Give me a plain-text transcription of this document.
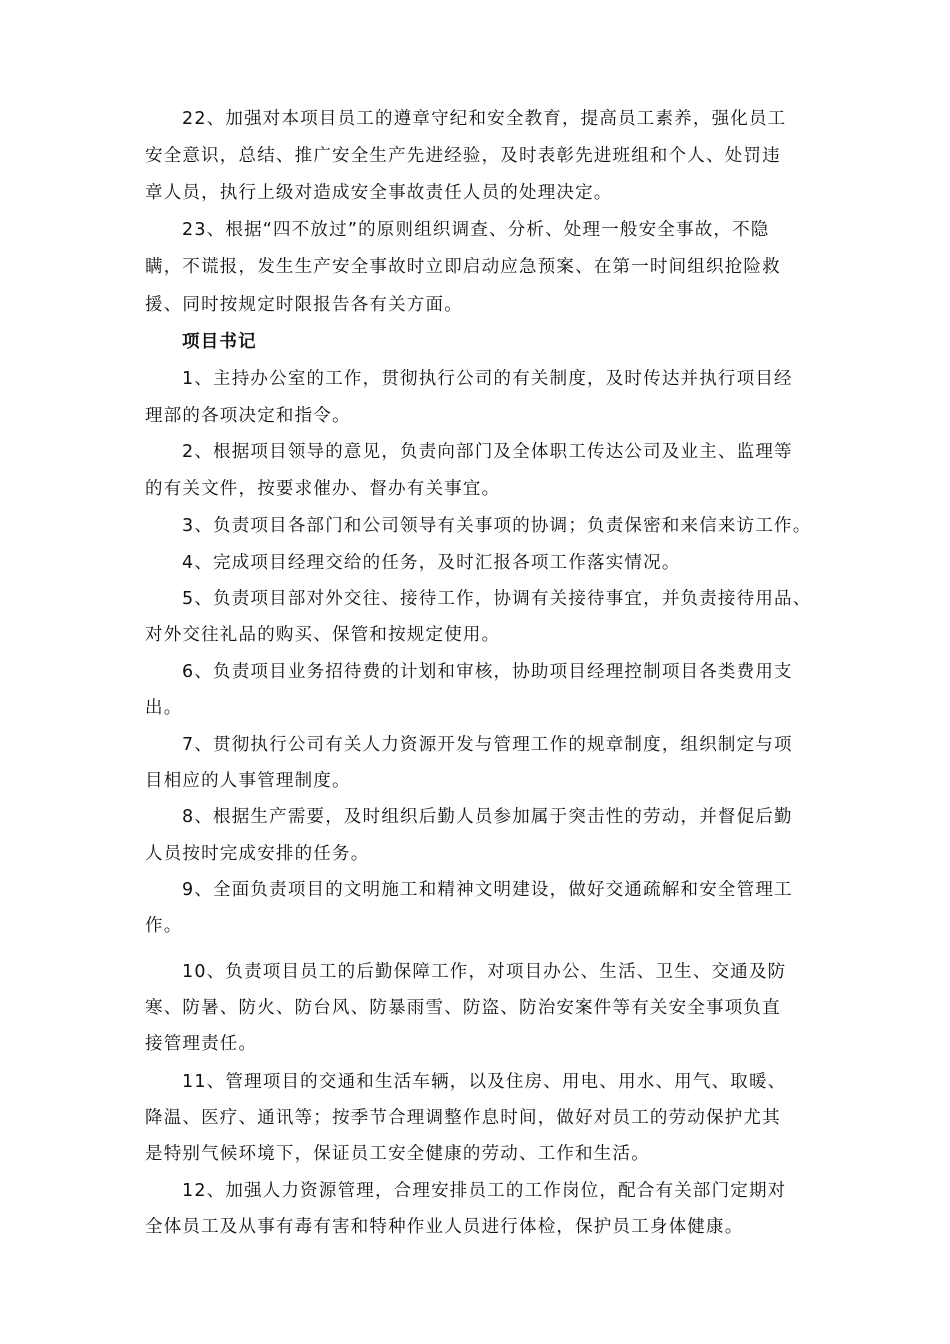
22、加强对本项目员工的遵章守纪和安全教育，提高员工素养，强化员工
安全意识，总结、推广安全生产先进经验，及时表彰先进班组和个人、处罚违
章人员，执行上级对造成安全事故责任人员的处理决定。
23、根据“四不放过”的原则组织调查、分析、处理一般安全事故，不隐
瞒，不谎报，发生生产安全事故时立即启动应急预案、在第一时间组织抢险救
援、同时按规定时限报告各有关方面。
项目书记
1、主持办公室的工作，贯彻执行公司的有关制度，及时传达并执行项目经
理部的各项决定和指令。
2、根据项目领导的意见，负责向部门及全体职工传达公司及业主、监理等
的有关文件，按要求催办、督办有关事宜。
3、负责项目各部门和公司领导有关事项的协调；负责保密和来信来访工作。
4、完成项目经理交给的任务，及时汇报各项工作落实情况。
5、负责项目部对外交往、接待工作，协调有关接待事宜，并负责接待用品、
对外交往礼品的购买、保管和按规定使用。
6、负责项目业务招待费的计划和审核，协助项目经理控制项目各类费用支
出。
7、贯彻执行公司有关人力资源开发与管理工作的规章制度，组织制定与项
目相应的人事管理制度。
8、根据生产需要，及时组织后勤人员参加属于突击性的劳动，并督促后勤
人员按时完成安排的任务。
9、全面负责项目的文明施工和精神文明建设，做好交通疏解和安全管理工
作。
10、负责项目员工的后勤保障工作，对项目办公、生活、卫生、交通及防
寒、防暑、防火、防台风、防暴雨雪、防盗、防治安案件等有关安全事项负直
接管理责任。
11、管理项目的交通和生活车辆，以及住房、用电、用水、用气、取暖、
降温、医疗、通讯等；按季节合理调整作息时间，做好对员工的劳动保护尤其
是特别气候环境下，保证员工安全健康的劳动、工作和生活。
12、加强人力资源管理，合理安排员工的工作岗位，配合有关部门定期对
全体员工及从事有毒有害和特种作业人员进行体检，保护员工身体健康。
